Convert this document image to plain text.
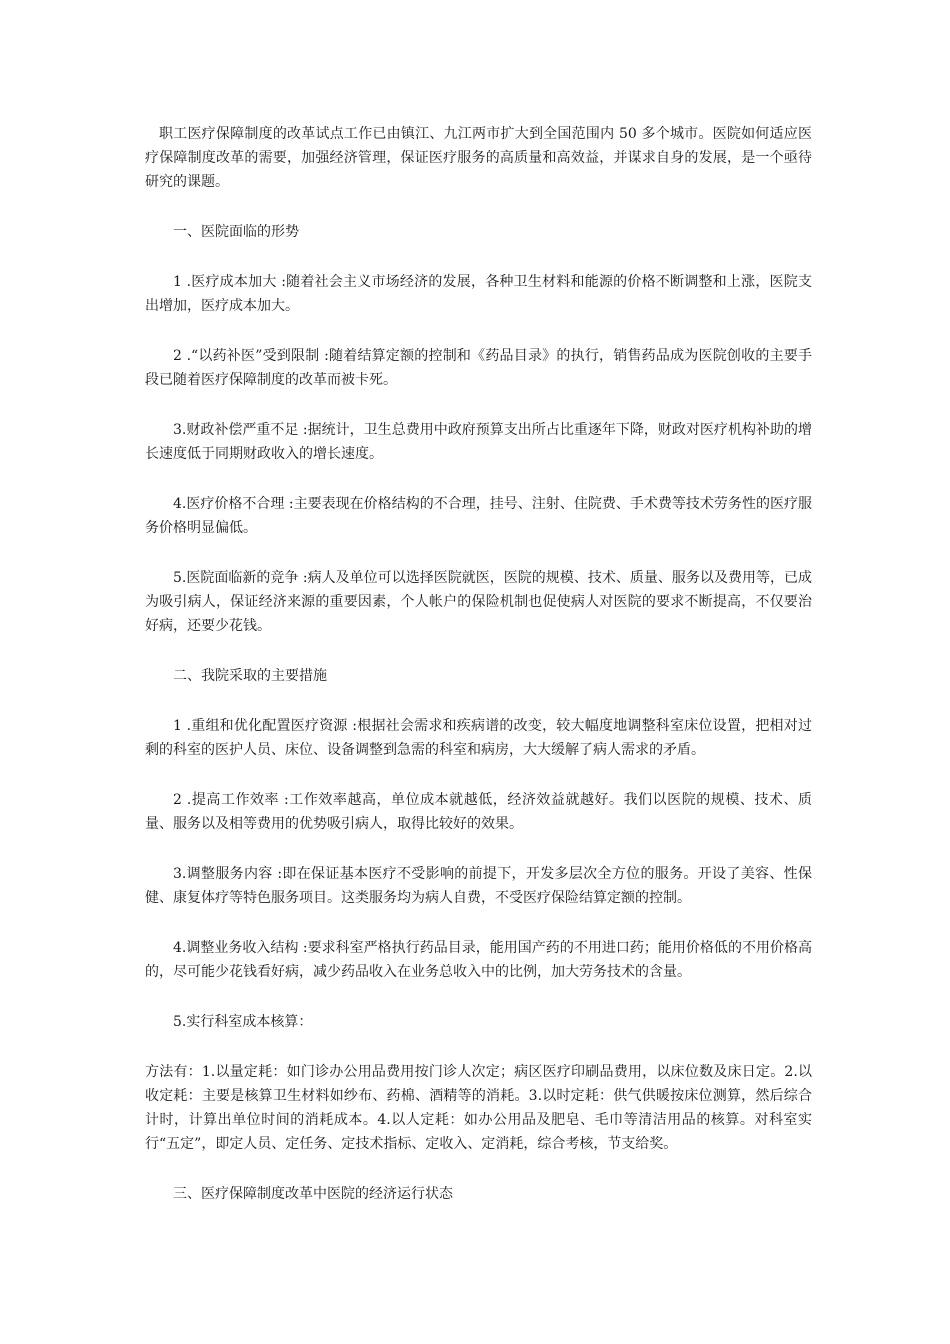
职工医疗保障制度的改革试点工作已由镇江、九江两市扩大到全国范围内 50 多个城市。医院如何适应医疗保障制度改革的需要，加强经济管理，保证医疗服务的高质量和高效益，并谋求自身的发展，是一个亟待研究的课题。

一、医院面临的形势

1 .医疗成本加大 :随着社会主义市场经济的发展，各种卫生材料和能源的价格不断调整和上涨，医院支出增加，医疗成本加大。

2 .“以药补医”受到限制 :随着结算定额的控制和《药品目录》的执行，销售药品成为医院创收的主要手段已随着医疗保障制度的改革而被卡死。

3.财政补偿严重不足 :据统计，卫生总费用中政府预算支出所占比重逐年下降，财政对医疗机构补助的增长速度低于同期财政收入的增长速度。

4.医疗价格不合理 :主要表现在价格结构的不合理，挂号、注射、住院费、手术费等技术劳务性的医疗服务价格明显偏低。

5.医院面临新的竞争 :病人及单位可以选择医院就医，医院的规模、技术、质量、服务以及费用等，已成为吸引病人，保证经济来源的重要因素，个人帐户的保险机制也促使病人对医院的要求不断提高，不仅要治好病，还要少花钱。

二、我院采取的主要措施

1 .重组和优化配置医疗资源 :根据社会需求和疾病谱的改变，较大幅度地调整科室床位设置，把相对过剩的科室的医护人员、床位、设备调整到急需的科室和病房，大大缓解了病人需求的矛盾。

2 .提高工作效率 :工作效率越高，单位成本就越低，经济效益就越好。我们以医院的规模、技术、质量、服务以及相等费用的优势吸引病人，取得比较好的效果。

3.调整服务内容 :即在保证基本医疗不受影响的前提下，开发多层次全方位的服务。开设了美容、性保健、康复体疗等特色服务项目。这类服务均为病人自费，不受医疗保险结算定额的控制。

4.调整业务收入结构 :要求科室严格执行药品目录，能用国产药的不用进口药；能用价格低的不用价格高的，尽可能少花钱看好病，减少药品收入在业务总收入中的比例，加大劳务技术的含量。

5.实行科室成本核算：

方法有：1.以量定耗：如门诊办公用品费用按门诊人次定；病区医疗印刷品费用，以床位数及床日定。2.以收定耗：主要是核算卫生材料如纱布、药棉、酒精等的消耗。3.以时定耗：供气供暖按床位测算，然后综合计时，计算出单位时间的消耗成本。4.以人定耗：如办公用品及肥皂、毛巾等清洁用品的核算。对科室实行“五定”，即定人员、定任务、定技术指标、定收入、定消耗，综合考核，节支给奖。

三、医疗保障制度改革中医院的经济运行状态
